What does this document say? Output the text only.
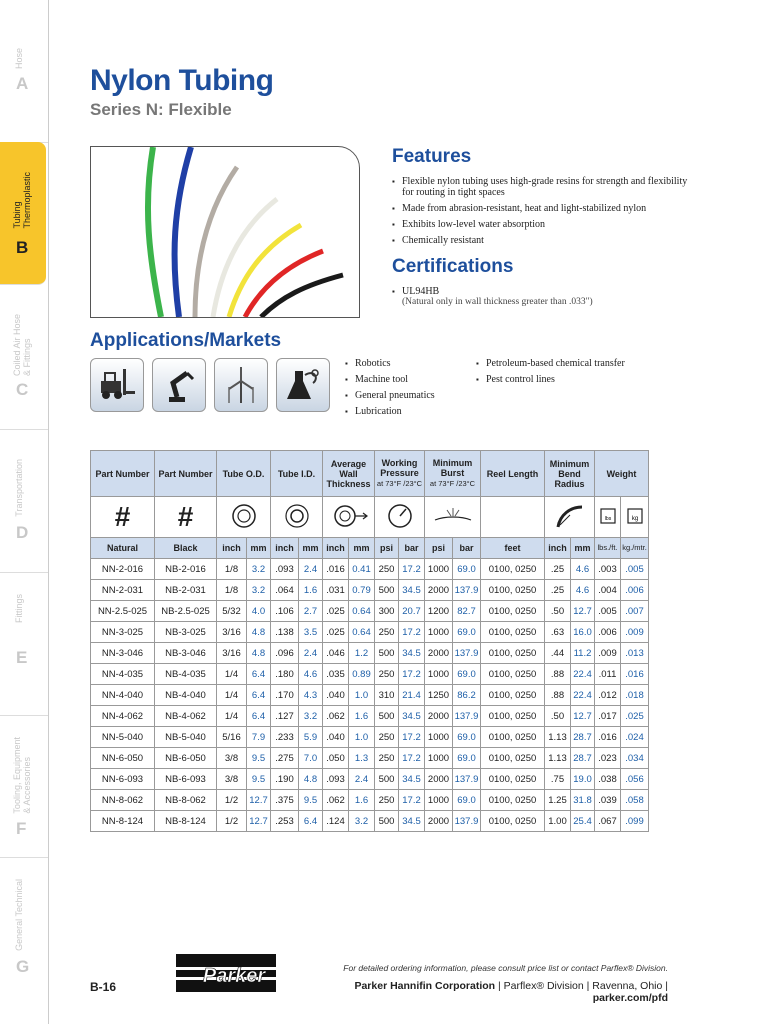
Hose
A
Tubing
Thermoplastic
B
Coiled Air Hose
& Fittings
C
Transportation
D
Fittings
E
Tooling, Equipment
& Accessories
F
General Technical
G
Nylon Tubing
Series N: Flexible
Features
▪ Flexible nylon tubing uses high-grade resins for strength and flexibility for routing in tight spaces
▪ Made from abrasion-resistant, heat and light-stabilized nylon
▪ Exhibits low-level water absorption
▪ Chemically resistant
Certifications
▪ UL94HB
(Natural only in wall thickness greater than .033")
Applications/Markets
▪ Robotics
▪ Machine tool
▪ General pneumatics
▪ Lubrication
▪ Petroleum-based chemical transfer
▪ Pest control lines
Part Number	Part Number	Tube O.D.		Tube I.D.		Average Wall Thickness		Working Pressure
at 73°F /23°C		Minimum Burst
at 73°F /23°C		Reel Length	Minimum Bend Radius		Weight	
#	#														lbs	kg

Natural	Black	inch	mm	inch	mm	inch	mm	psi	bar	psi	bar	feet	inch	mm	lbs./ft.	kg./mtr.
NN-2-016	NB-2-016	1/8	3.2	.093	2.4	.016	0.41	250	17.2	1000	69.0	0100, 0250	.25	4.6	.003	.005
NN-2-031	NB-2-031	1/8	3.2	.064	1.6	.031	0.79	500	34.5	2000	137.9	0100, 0250	.25	4.6	.004	.006
NN-2.5-025	NB-2.5-025	5/32	4.0	.106	2.7	.025	0.64	300	20.7	1200	82.7	0100, 0250	.50	12.7	.005	.007
NN-3-025	NB-3-025	3/16	4.8	.138	3.5	.025	0.64	250	17.2	1000	69.0	0100, 0250	.63	16.0	.006	.009
NN-3-046	NB-3-046	3/16	4.8	.096	2.4	.046	1.2	500	34.5	2000	137.9	0100, 0250	.44	11.2	.009	.013
NN-4-035	NB-4-035	1/4	6.4	.180	4.6	.035	0.89	250	17.2	1000	69.0	0100, 0250	.88	22.4	.011	.016
NN-4-040	NB-4-040	1/4	6.4	.170	4.3	.040	1.0	310	21.4	1250	86.2	0100, 0250	.88	22.4	.012	.018
NN-4-062	NB-4-062	1/4	6.4	.127	3.2	.062	1.6	500	34.5	2000	137.9	0100, 0250	.50	12.7	.017	.025
NN-5-040	NB-5-040	5/16	7.9	.233	5.9	.040	1.0	250	17.2	1000	69.0	0100, 0250	1.13	28.7	.016	.024
NN-6-050	NB-6-050	3/8	9.5	.275	7.0	.050	1.3	250	17.2	1000	69.0	0100, 0250	1.13	28.7	.023	.034
NN-6-093	NB-6-093	3/8	9.5	.190	4.8	.093	2.4	500	34.5	2000	137.9	0100, 0250	.75	19.0	.038	.056
NN-8-062	NB-8-062	1/2	12.7	.375	9.5	.062	1.6	250	17.2	1000	69.0	0100, 0250	1.25	31.8	.039	.058
NN-8-124	NB-8-124	1/2	12.7	.253	6.4	.124	3.2	500	34.5	2000	137.9	0100, 0250	1.00	25.4	.067	.099
For detailed ordering information, please consult price list or contact Parflex® Division.
Parker
B-16	Parker Hannifin Corporation | Parflex® Division | Ravenna, Ohio | parker.com/pfd
